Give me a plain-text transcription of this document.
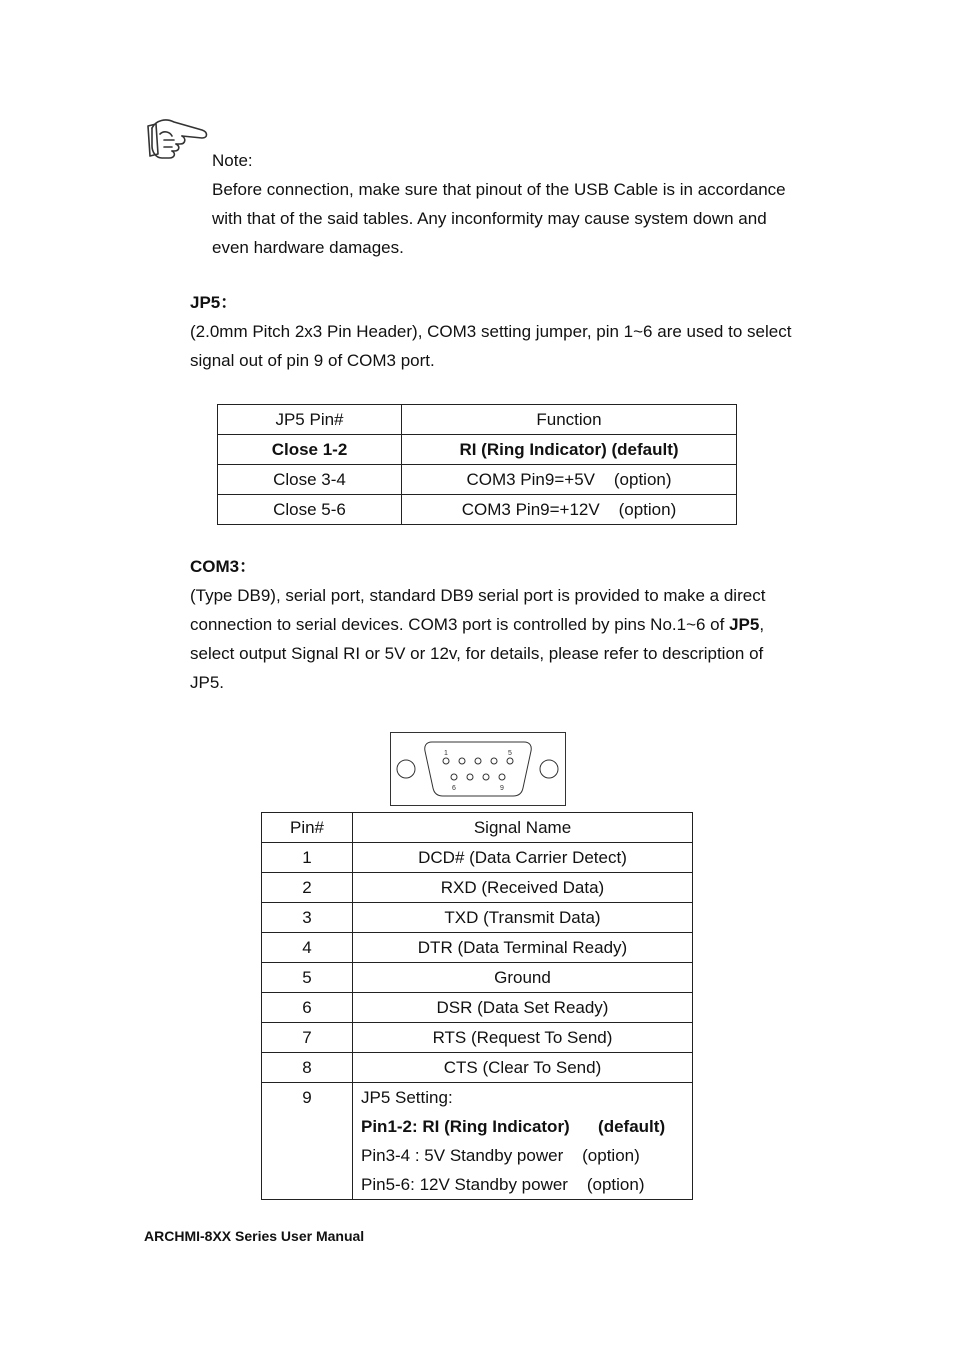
Note:
Before connection, make sure that pinout of the USB Cable is in accordance
with that of the said tables. Any inconformity may cause system down and
even hardware damages.
JP5：
(2.0mm Pitch 2x3 Pin Header), COM3 setting jumper, pin 1~6 are used to select
signal out of pin 9 of COM3 port.
JP5 Pin#	Function
Close 1-2	RI (Ring Indicator) (default)
Close 3-4	COM3 Pin9=+5V    (option)
Close 5-6	COM3 Pin9=+12V    (option)
COM3：
(Type DB9), serial port, standard DB9 serial port is provided to make a direct
connection to serial devices. COM3 port is controlled by pins No.1~6 of JP5,
select output Signal RI or 5V or 12v, for details, please refer to description of
JP5.
1	5
6	9
Pin#	Signal Name
1	DCD# (Data Carrier Detect)
2	RXD (Received Data)
3	TXD (Transmit Data)
4	DTR (Data Terminal Ready)
5	Ground
6	DSR (Data Set Ready)
7	RTS (Request To Send)
8	CTS (Clear To Send)
9	JP5 Setting:
Pin1-2: RI (Ring Indicator)      (default)
Pin3-4 : 5V Standby power    (option)
Pin5-6: 12V Standby power    (option)
ARCHMI-8XX Series User Manual
